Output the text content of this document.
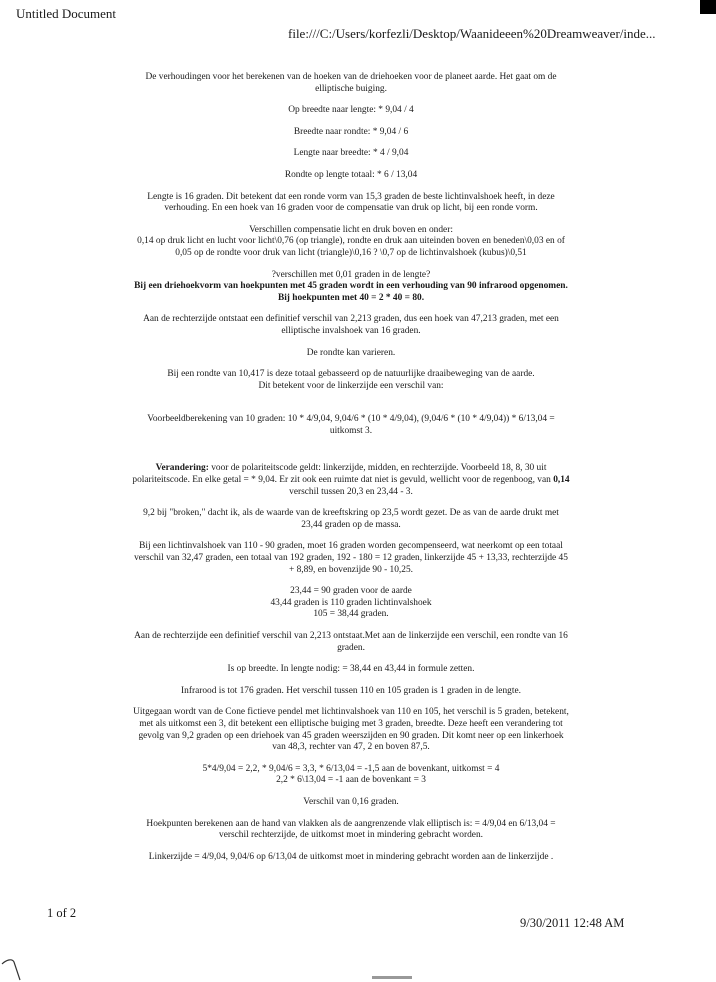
Untitled Document
file:///C:/Users/korfezli/Desktop/Waanideeen%20Dreamweaver/inde...

De verhoudingen voor het berekenen van de hoeken van de driehoeken voor de planeet aarde. Het gaat om de elliptische buiging.

Op breedte naar lengte: * 9,04 / 4

Breedte naar rondte: * 9,04 / 6

Lengte naar breedte: * 4 / 9,04

Rondte op lengte totaal: * 6 / 13,04

Lengte is 16 graden. Dit betekent dat een ronde vorm van 15,3 graden de beste lichtinvalshoek heeft, in deze verhouding. En een hoek van 16 graden voor de compensatie van druk op licht, bij een ronde vorm.

Verschillen compensatie licht en druk boven en onder:

0,14 op druk licht en lucht voor licht\0,76 (op triangle), rondte en druk aan uiteinden boven en beneden\0,03 en of 0,05 op de rondte voor druk van licht (triangle)\0,16 ? \0,7 op de lichtinvalshoek (kubus)\0,51

?verschillen met 0,01 graden in de lengte?

Bij een driehoekvorm van hoekpunten met 45 graden wordt in een verhouding van 90 infrarood opgenomen. Bij hoekpunten met 40 = 2 * 40 = 80.

Aan de rechterzijde ontstaat een definitief verschil van 2,213 graden, dus een hoek van 47,213 graden, met een elliptische invalshoek van 16 graden.

De rondte kan varieren.

Bij een rondte van 10,417 is deze totaal gebasseerd op de natuurlijke draaibeweging van de aarde.

Dit betekent voor de linkerzijde een verschil van:

Voorbeeldberekening van 10 graden: 10 * 4/9,04, 9,04/6 * (10 * 4/9,04), (9,04/6 * (10 * 4/9,04)) * 6/13,04 = uitkomst 3.

Verandering: voor de polariteitscode geldt: linkerzijde, midden, en rechterzijde. Voorbeeld 18, 8, 30 uit polariteitscode. En elke getal = * 9,04. Er zit ook een ruimte dat niet is gevuld, wellicht voor de regenboog, van 0,14 verschil tussen 20,3 en 23,44 - 3.

9,2 bij "broken," dacht ik, als de waarde van de kreeftskring op 23,5 wordt gezet. De as van de aarde drukt met 23,44 graden op de massa.

Bij een lichtinvalshoek van 110 - 90 graden, moet 16 graden worden gecompenseerd, wat neerkomt op een totaal verschil van 32,47 graden, een totaal van 192 graden, 192 - 180 = 12 graden, linkerzijde 45 + 13,33, rechterzijde 45 + 8,89, en bovenzijde 90 - 10,25.

23,44 = 90 graden voor de aarde

43,44 graden is 110 graden lichtinvalshoek

105 = 38,44 graden.

Aan de rechterzijde een definitief verschil van 2,213 ontstaat.Met aan de linkerzijde een verschil, een rondte van 16 graden.

Is op breedte. In lengte nodig: = 38,44 en 43,44 in formule zetten.

Infrarood is tot 176 graden. Het verschil tussen 110 en 105 graden is 1 graden in de lengte.

Uitgegaan wordt van de Cone fictieve pendel met lichtinvalshoek van 110 en 105, het verschil is 5 graden, betekent, met als uitkomst een 3, dit betekent een elliptische buiging met 3 graden, breedte. Deze heeft een verandering tot gevolg van 9,2 graden op een driehoek van 45 graden weerszijden en 90 graden. Dit komt neer op een linkerhoek van 48,3, rechter van 47, 2 en boven 87,5.

5*4/9,04 = 2,2, * 9,04/6 = 3,3, * 6/13,04 = -1,5 aan de bovenkant, uitkomst = 4

2,2 * 6\13,04 = -1 aan de bovenkant = 3

Verschil van 0,16 graden.

Hoekpunten berekenen aan de hand van vlakken als de aangrenzende vlak elliptisch is: = 4/9,04 en 6/13,04 = verschil rechterzijde, de uitkomst moet in mindering gebracht worden.

Linkerzijde = 4/9,04, 9,04/6 op 6/13,04 de uitkomst moet in mindering gebracht worden aan de linkerzijde .

1 of 2
9/30/2011 12:48 AM
